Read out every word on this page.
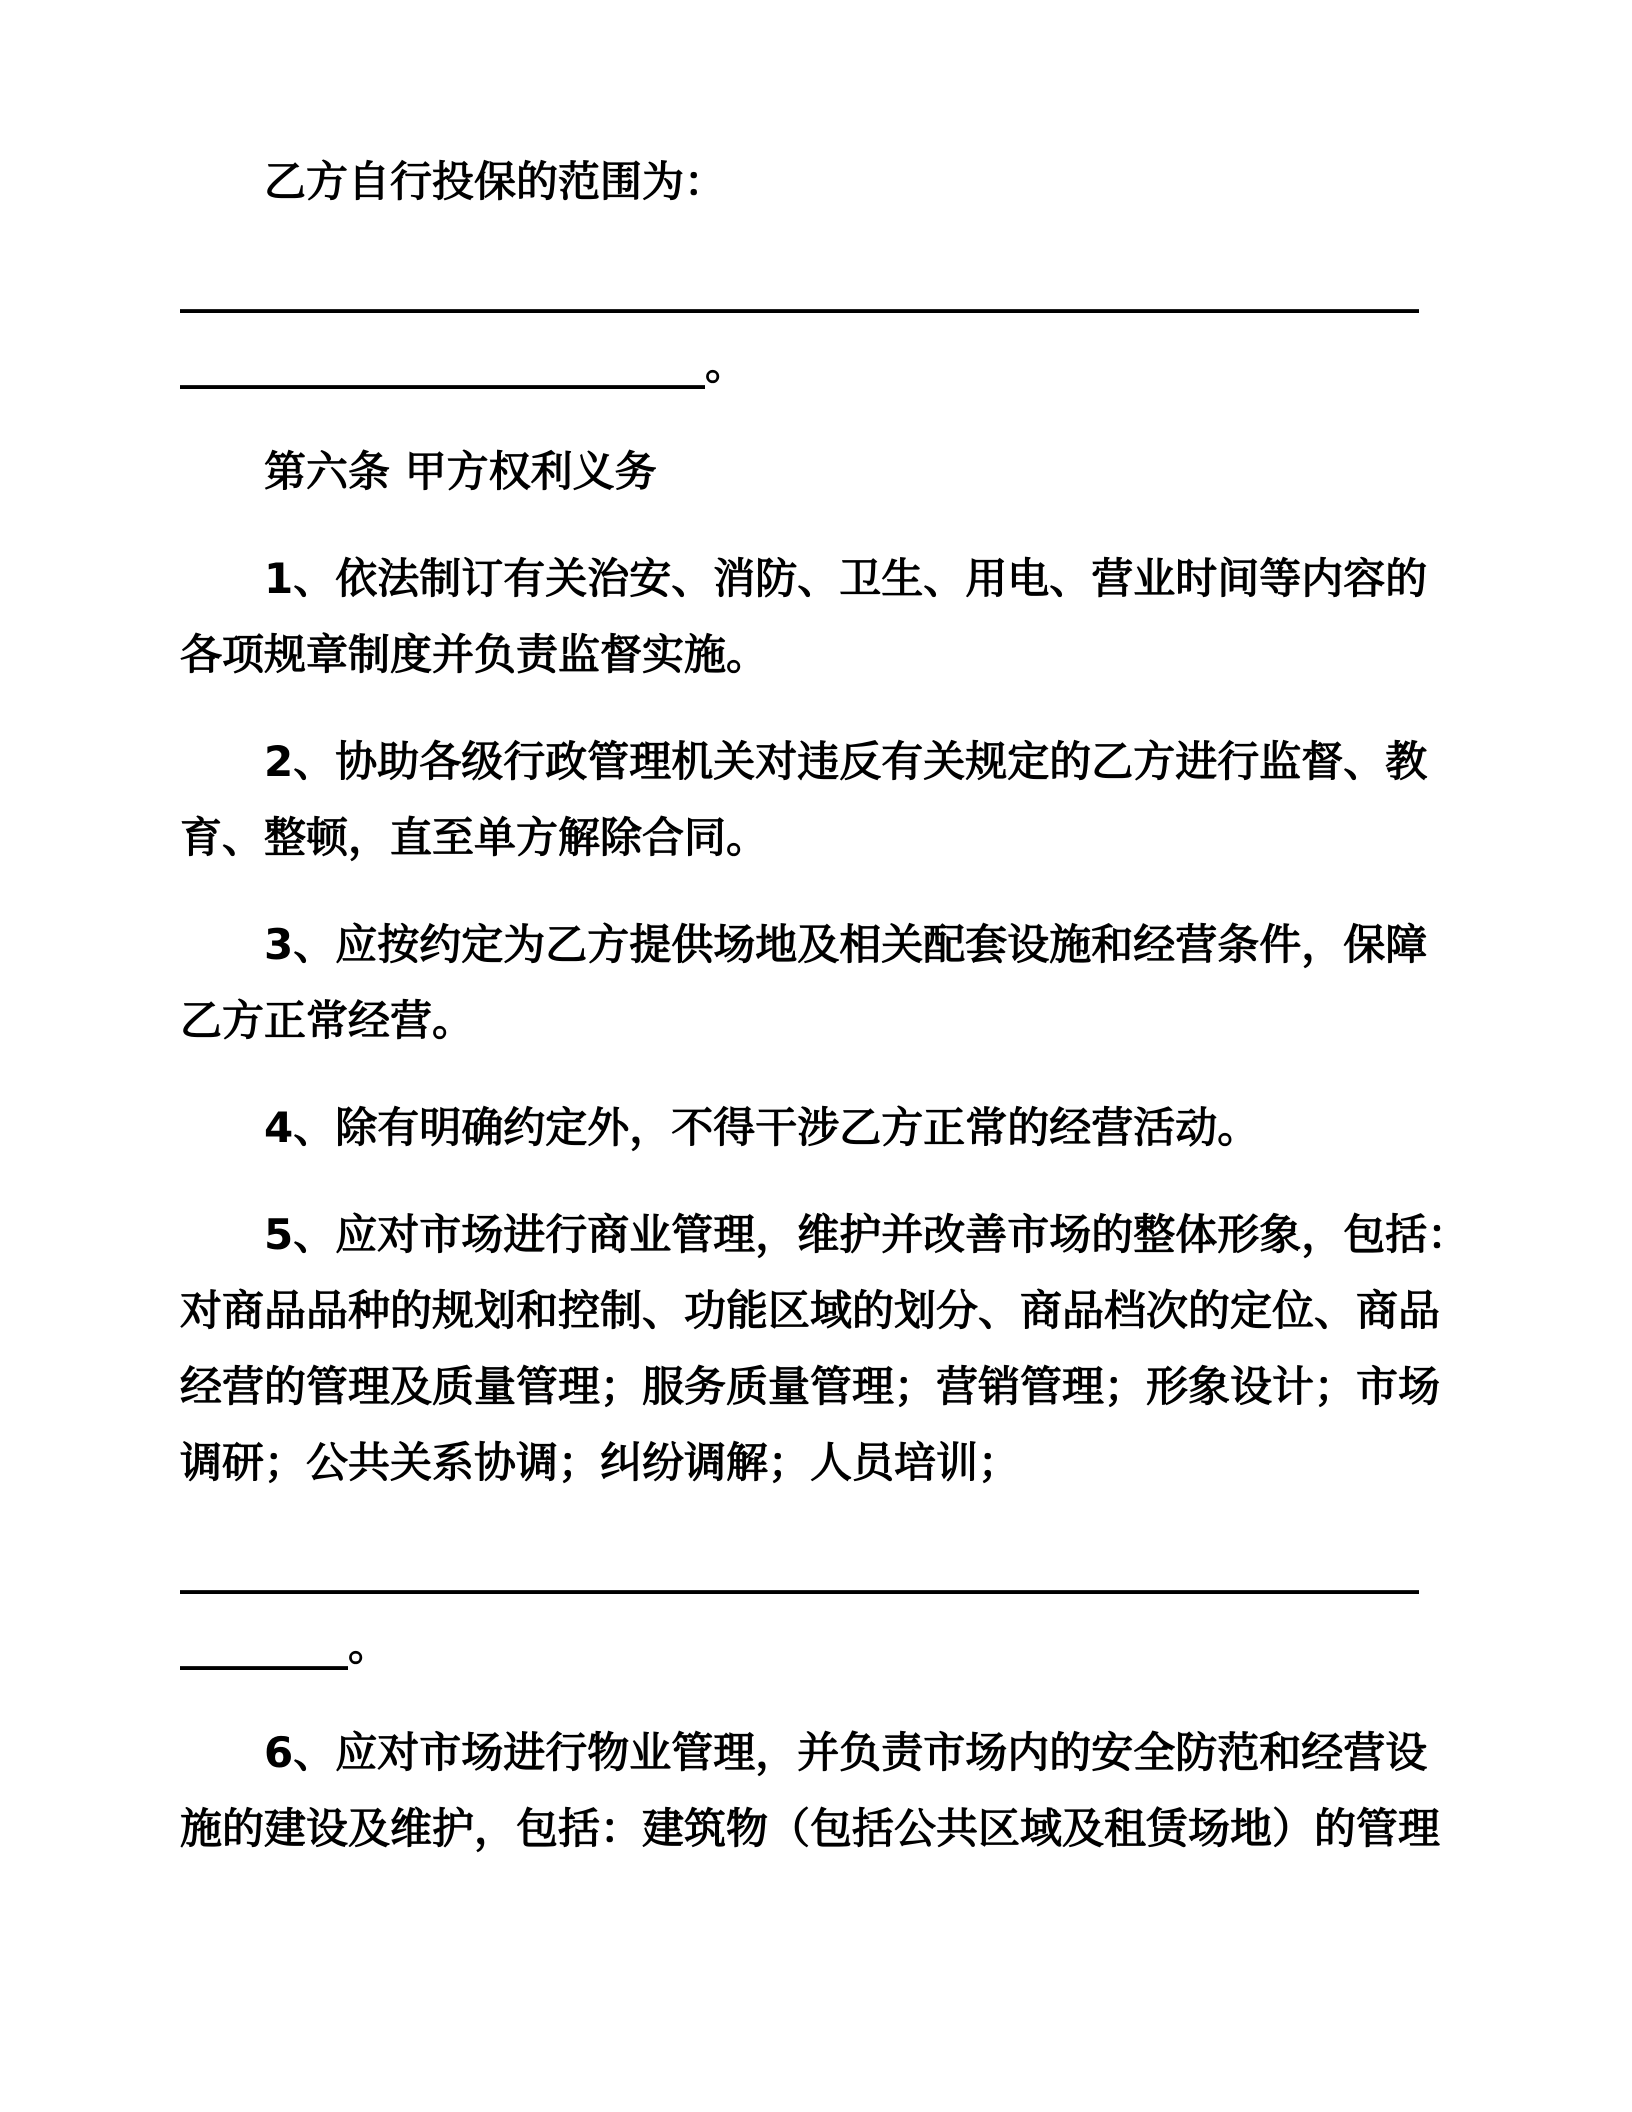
乙方自行投保的范围为：

___________________________________________________________
_________________________。

第六条 甲方权利义务

1、依法制订有关治安、消防、卫生、用电、营业时间等内容的
各项规章制度并负责监督实施。

2、协助各级行政管理机关对违反有关规定的乙方进行监督、教
育、整顿，直至单方解除合同。

3、应按约定为乙方提供场地及相关配套设施和经营条件，保障
乙方正常经营。

4、除有明确约定外，不得干涉乙方正常的经营活动。

5、应对市场进行商业管理，维护并改善市场的整体形象，包括：
对商品品种的规划和控制、功能区域的划分、商品档次的定位、商品
经营的管理及质量管理；服务质量管理；营销管理；形象设计；市场
调研；公共关系协调；纠纷调解；人员培训；

___________________________________________________________
________。

6、应对市场进行物业管理，并负责市场内的安全防范和经营设
施的建设及维护，包括：建筑物（包括公共区域及租赁场地）的管理
